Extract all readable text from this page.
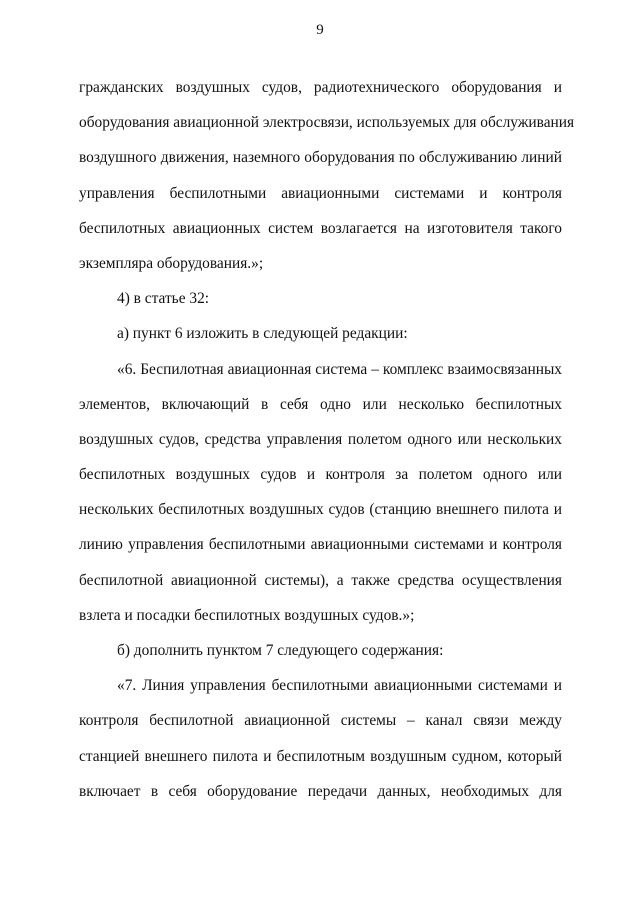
9
гражданских воздушных судов, радиотехнического оборудования и
оборудования авиационной электросвязи, используемых для обслуживания
воздушного движения, наземного оборудования по обслуживанию линий
управления беспилотными авиационными системами и контроля
беспилотных авиационных систем возлагается на изготовителя такого
экземпляра оборудования.»;
4) в статье 32:
а) пункт 6 изложить в следующей редакции:
«6. Беспилотная авиационная система – комплекс взаимосвязанных
элементов, включающий в себя одно или несколько беспилотных
воздушных судов, средства управления полетом одного или нескольких
беспилотных воздушных судов и контроля за полетом одного или
нескольких беспилотных воздушных судов (станцию внешнего пилота и
линию управления беспилотными авиационными системами и контроля
беспилотной авиационной системы), а также средства осуществления
взлета и посадки беспилотных воздушных судов.»;
б) дополнить пунктом 7 следующего содержания:
«7. Линия управления беспилотными авиационными системами и
контроля беспилотной авиационной системы – канал связи между
станцией внешнего пилота и беспилотным воздушным судном, который
включает в себя оборудование передачи данных, необходимых для
